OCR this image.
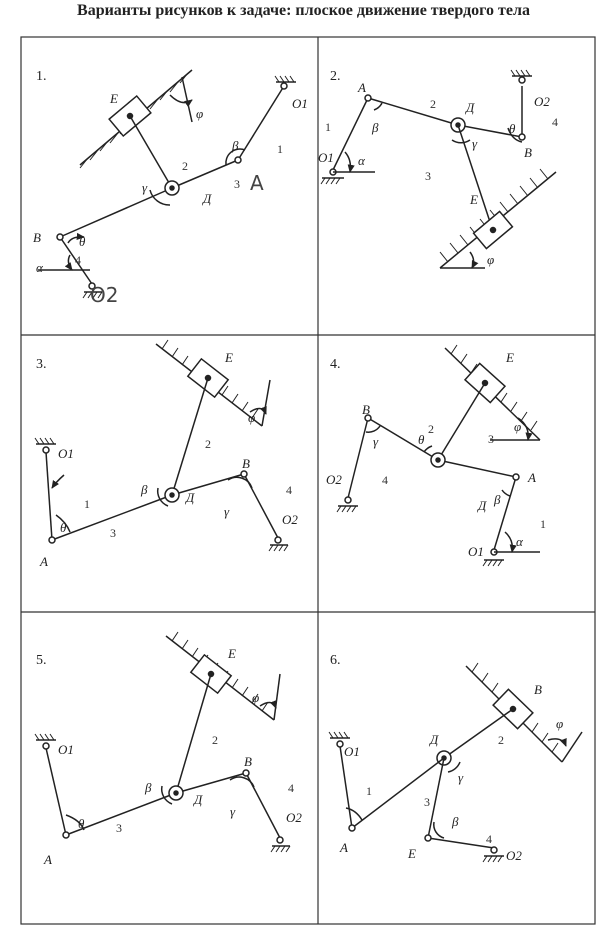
Варианты рисунков к задаче: плоское движение твердого тела
1.
E
φ
O1
β	1
2
γ	3
Д
A
B	θ
α	4
O2
2.
A
2 Д	O2
4
θ
B
1	β
O1 α
γ
3
E
φ
3.	E
φ
2
B
O1
1
β
Д
γ
4
O2
θ	3
A
4.	E
B
γ
2
θ
φ
3
A
Д β
O2	4
1
O1
α
5.	E
φ
O1
2
B
β
Д
4
θ	3
γ	O2
A
6.
B
φ
O1
Д	2
1
γ
3
β
E
4
O2
A
